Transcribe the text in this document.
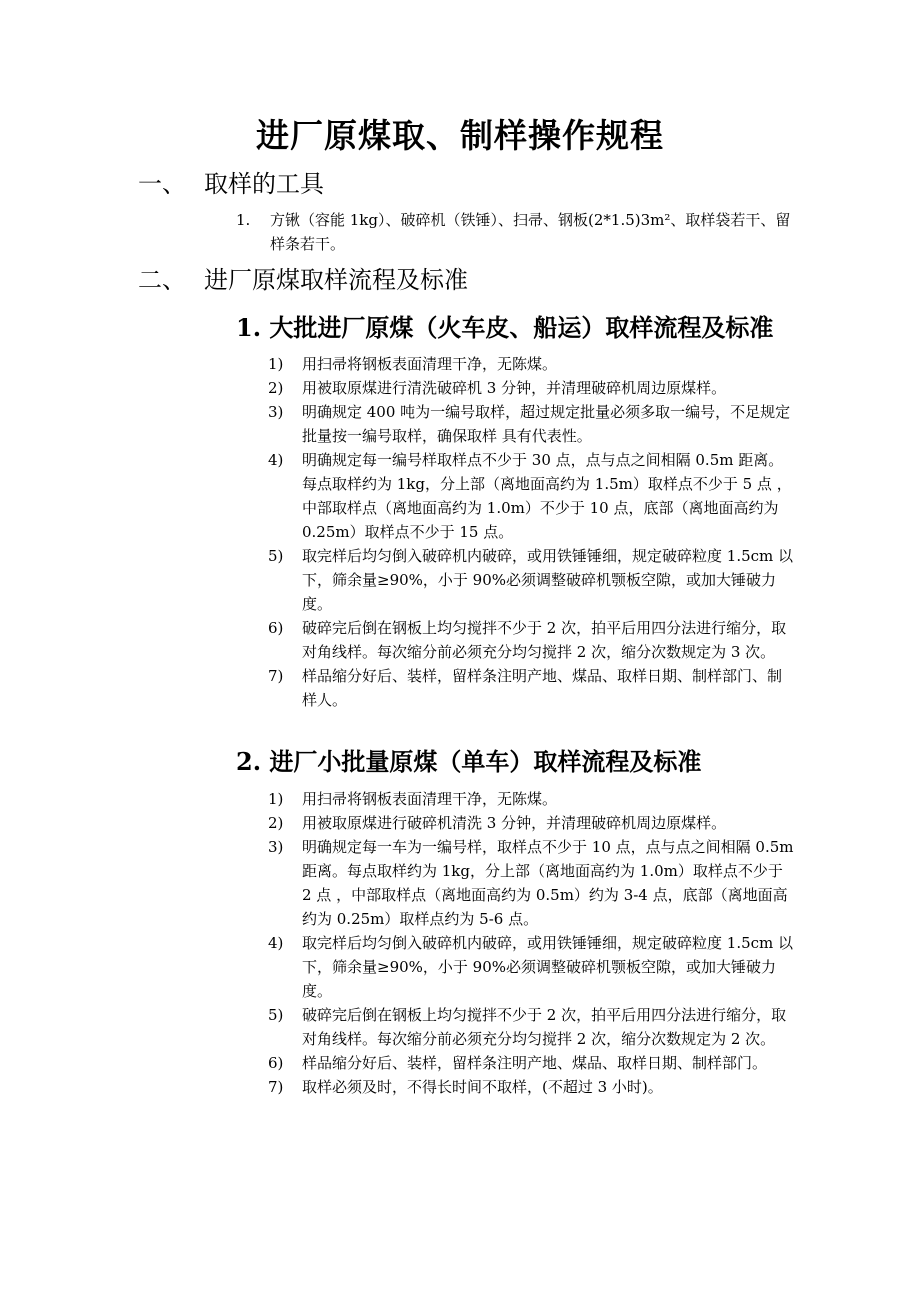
进厂原煤取、制样操作规程
一、 取样的工具
1. 方锹（容能 1kg）、破碎机（铁锤）、扫帚、钢板(2*1.5)3m²、取样袋若干、留样条若干。
二、 进厂原煤取样流程及标准
1. 大批进厂原煤（火车皮、船运）取样流程及标准
1) 用扫帚将钢板表面清理干净，无陈煤。
2) 用被取原煤进行清洗破碎机 3 分钟，并清理破碎机周边原煤样。
3) 明确规定 400 吨为一编号取样，超过规定批量必须多取一编号，不足规定批量按一编号取样，确保取样 具有代表性。
4) 明确规定每一编号样取样点不少于 30 点，点与点之间相隔 0.5m 距离。每点取样约为 1kg，分上部（离地面高约为 1.5m）取样点不少于 5 点 ，中部取样点（离地面高约为 1.0m）不少于 10 点，底部（离地面高约为 0.25m）取样点不少于 15 点。
5) 取完样后均匀倒入破碎机内破碎，或用铁锤锤细，规定破碎粒度 1.5cm 以下，筛余量≥90%，小于 90%必须调整破碎机颚板空隙，或加大锤破力度。
6) 破碎完后倒在钢板上均匀搅拌不少于 2 次，拍平后用四分法进行缩分，取对角线样。每次缩分前必须充分均匀搅拌 2 次，缩分次数规定为 3 次。
7) 样品缩分好后、装样，留样条注明产地、煤品、取样日期、制样部门、制样人。
2. 进厂小批量原煤（单车）取样流程及标准
1) 用扫帚将钢板表面清理干净，无陈煤。
2) 用被取原煤进行破碎机清洗 3 分钟，并清理破碎机周边原煤样。
3) 明确规定每一车为一编号样，取样点不少于 10 点，点与点之间相隔 0.5m 距离。每点取样约为 1kg，分上部（离地面高约为 1.0m）取样点不少于 2 点 ，中部取样点（离地面高约为 0.5m）约为 3-4 点，底部（离地面高约为 0.25m）取样点约为 5-6 点。
4) 取完样后均匀倒入破碎机内破碎，或用铁锤锤细，规定破碎粒度 1.5cm 以下，筛余量≥90%，小于 90%必须调整破碎机颚板空隙，或加大锤破力度。
5) 破碎完后倒在钢板上均匀搅拌不少于 2 次，拍平后用四分法进行缩分，取对角线样。每次缩分前必须充分均匀搅拌 2 次，缩分次数规定为 2 次。
6) 样品缩分好后、装样，留样条注明产地、煤品、取样日期、制样部门。
7) 取样必须及时，不得长时间不取样，(不超过 3 小时)。
